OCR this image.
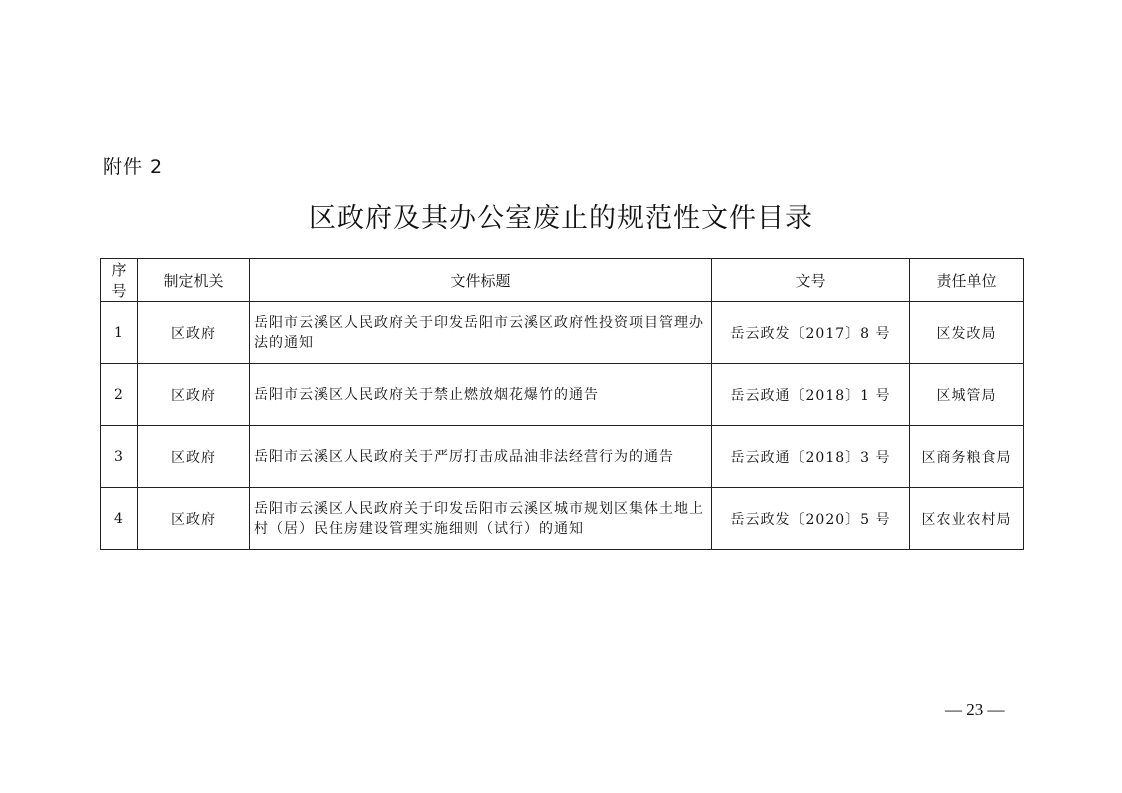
附件 2
区政府及其办公室废止的规范性文件目录
序号	制定机关	文件标题	文号	责任单位
1	区政府	岳阳市云溪区人民政府关于印发岳阳市云溪区政府性投资项目管理办法的通知	岳云政发〔2017〕8 号	区发改局
2	区政府	岳阳市云溪区人民政府关于禁止燃放烟花爆竹的通告	岳云政通〔2018〕1 号	区城管局
3	区政府	岳阳市云溪区人民政府关于严厉打击成品油非法经营行为的通告	岳云政通〔2018〕3 号	区商务粮食局
4	区政府	岳阳市云溪区人民政府关于印发岳阳市云溪区城市规划区集体土地上村（居）民住房建设管理实施细则（试行）的通知	岳云政发〔2020〕5 号	区农业农村局
— 23 —
